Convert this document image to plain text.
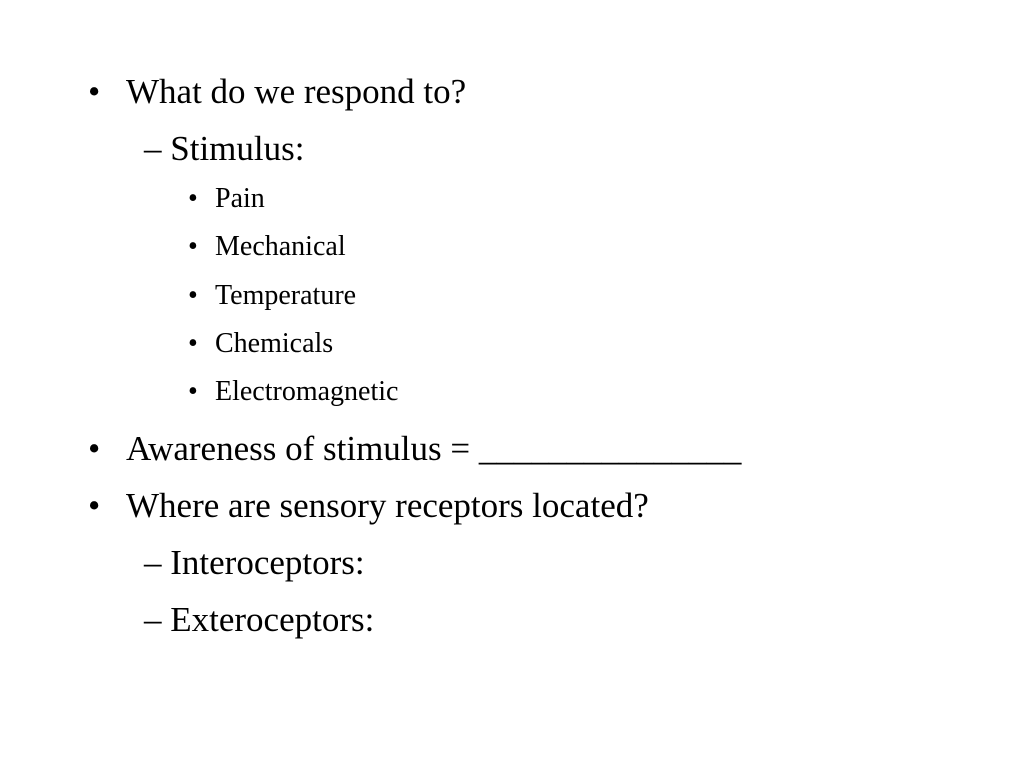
• What do we respond to?
– Stimulus:
• Pain
• Mechanical
• Temperature
• Chemicals
• Electromagnetic
• Awareness of stimulus = _______________
• Where are sensory receptors located?
– Interoceptors:
– Exteroceptors:
